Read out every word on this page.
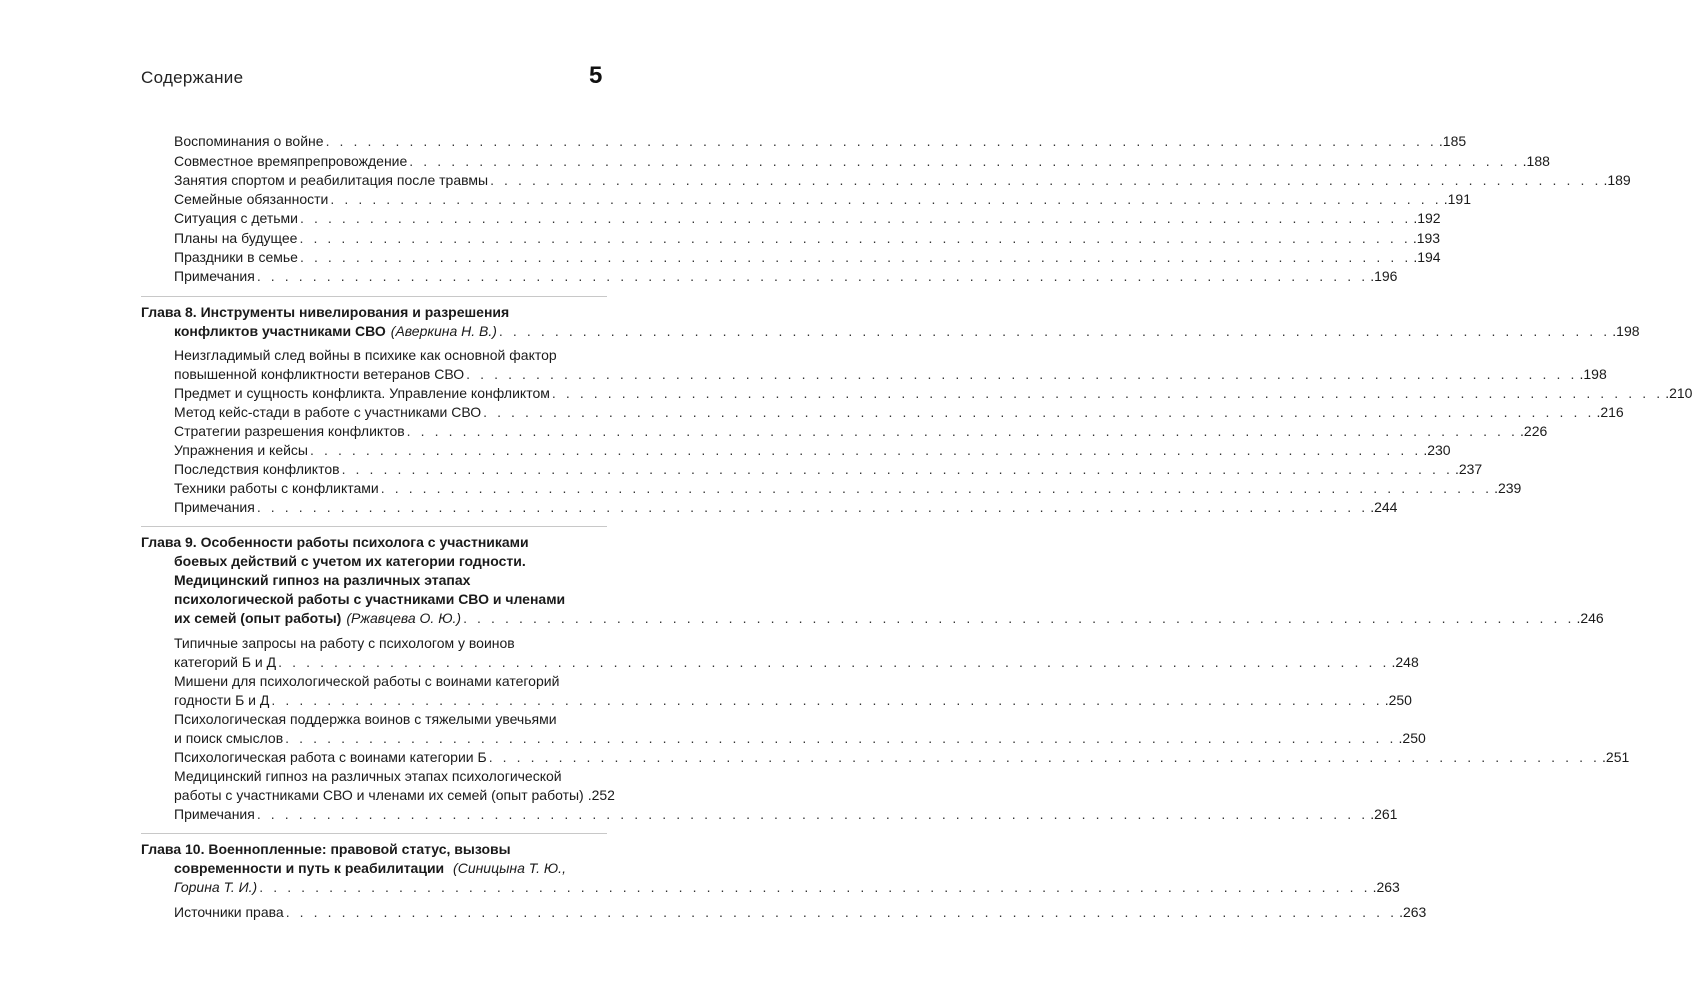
Содержание	5
Воспоминания о войне . . . . . . . . . . . . . . . . . . . . . . . . . . . . . . . . . . . . . . . . . . . . . . . . . . . . . . . . . . . . . . . . . . . . . . . . . . . . . . . . .185
Совместное времяпрепровождение . . . . . . . . . . . . . . . . . . . . . . . . . . . . . . . . . . . . . . . . . . . . . . . . . . . . . . . . . . . . . . . . . . . . . . . . . . . . . . . . .188
Занятия спортом и реабилитация после травмы . . . . . . . . . . . . . . . . . . . . . . . . . . . . . . . . . . . . . . . . . . . . . . . . . . . . . . . . . . . . . . . . . . . . . . . . . . . . . . . . .189
Семейные обязанности . . . . . . . . . . . . . . . . . . . . . . . . . . . . . . . . . . . . . . . . . . . . . . . . . . . . . . . . . . . . . . . . . . . . . . . . . . . . . . . . .191
Ситуация с детьми . . . . . . . . . . . . . . . . . . . . . . . . . . . . . . . . . . . . . . . . . . . . . . . . . . . . . . . . . . . . . . . . . . . . . . . . . . . . . . . . .192
Планы на будущее . . . . . . . . . . . . . . . . . . . . . . . . . . . . . . . . . . . . . . . . . . . . . . . . . . . . . . . . . . . . . . . . . . . . . . . . . . . . . . . . .193
Праздники в семье . . . . . . . . . . . . . . . . . . . . . . . . . . . . . . . . . . . . . . . . . . . . . . . . . . . . . . . . . . . . . . . . . . . . . . . . . . . . . . . . .194
Примечания . . . . . . . . . . . . . . . . . . . . . . . . . . . . . . . . . . . . . . . . . . . . . . . . . . . . . . . . . . . . . . . . . . . . . . . . . . . . . . . . .196
Глава 8. Инструменты нивелирования и разрешения
конфликтов участниками СВО (Аверкина Н. В.) . . . . . . . . . . . . . . . . . . . . . . . . . . . . . . . . . . . . . . . . . . . . . . . . . . . . . . . . . . . . . . . . . . . . . . . . . . . . . . . . .198
Неизгладимый след войны в психике как основной фактор
повышенной конфликтности ветеранов СВО . . . . . . . . . . . . . . . . . . . . . . . . . . . . . . . . . . . . . . . . . . . . . . . . . . . . . . . . . . . . . . . . . . . . . . . . . . . . . . . . .198
Предмет и сущность конфликта. Управление конфликтом . . . . . . . . . . . . . . . . . . . . . . . . . . . . . . . . . . . . . . . . . . . . . . . . . . . . . . . . . . . . . . . . . . . . . . . . . . . . . . . . .210
Метод кейс-стади в работе с участниками СВО . . . . . . . . . . . . . . . . . . . . . . . . . . . . . . . . . . . . . . . . . . . . . . . . . . . . . . . . . . . . . . . . . . . . . . . . . . . . . . . . .216
Стратегии разрешения конфликтов . . . . . . . . . . . . . . . . . . . . . . . . . . . . . . . . . . . . . . . . . . . . . . . . . . . . . . . . . . . . . . . . . . . . . . . . . . . . . . . . .226
Упражнения и кейсы . . . . . . . . . . . . . . . . . . . . . . . . . . . . . . . . . . . . . . . . . . . . . . . . . . . . . . . . . . . . . . . . . . . . . . . . . . . . . . . . .230
Последствия конфликтов . . . . . . . . . . . . . . . . . . . . . . . . . . . . . . . . . . . . . . . . . . . . . . . . . . . . . . . . . . . . . . . . . . . . . . . . . . . . . . . . .237
Техники работы с конфликтами . . . . . . . . . . . . . . . . . . . . . . . . . . . . . . . . . . . . . . . . . . . . . . . . . . . . . . . . . . . . . . . . . . . . . . . . . . . . . . . . .239
Примечания . . . . . . . . . . . . . . . . . . . . . . . . . . . . . . . . . . . . . . . . . . . . . . . . . . . . . . . . . . . . . . . . . . . . . . . . . . . . . . . . .244
Глава 9. Особенности работы психолога с участниками
боевых действий с учетом их категории годности.
Медицинский гипноз на различных этапах
психологической работы с участниками СВО и членами
их семей (опыт работы) (Ржавцева О. Ю.) . . . . . . . . . . . . . . . . . . . . . . . . . . . . . . . . . . . . . . . . . . . . . . . . . . . . . . . . . . . . . . . . . . . . . . . . . . . . . . . . .246
Типичные запросы на работу с психологом у воинов
категорий Б и Д . . . . . . . . . . . . . . . . . . . . . . . . . . . . . . . . . . . . . . . . . . . . . . . . . . . . . . . . . . . . . . . . . . . . . . . . . . . . . . . . .248
Мишени для психологической работы с воинами категорий
годности Б и Д . . . . . . . . . . . . . . . . . . . . . . . . . . . . . . . . . . . . . . . . . . . . . . . . . . . . . . . . . . . . . . . . . . . . . . . . . . . . . . . . .250
Психологическая поддержка воинов с тяжелыми увечьями
и поиск смыслов . . . . . . . . . . . . . . . . . . . . . . . . . . . . . . . . . . . . . . . . . . . . . . . . . . . . . . . . . . . . . . . . . . . . . . . . . . . . . . . . .250
Психологическая работа с воинами категории Б . . . . . . . . . . . . . . . . . . . . . . . . . . . . . . . . . . . . . . . . . . . . . . . . . . . . . . . . . . . . . . . . . . . . . . . . . . . . . . . . .251
Медицинский гипноз на различных этапах психологической
работы с участниками СВО и членами их семей (опыт работы) .252
Примечания . . . . . . . . . . . . . . . . . . . . . . . . . . . . . . . . . . . . . . . . . . . . . . . . . . . . . . . . . . . . . . . . . . . . . . . . . . . . . . . . .261
Глава 10. Военнопленные: правовой статус, вызовы
современности и путь к реабилитации (Синицына Т. Ю.,
Горина Т. И.) . . . . . . . . . . . . . . . . . . . . . . . . . . . . . . . . . . . . . . . . . . . . . . . . . . . . . . . . . . . . . . . . . . . . . . . . . . . . . . . . .263
Источники права . . . . . . . . . . . . . . . . . . . . . . . . . . . . . . . . . . . . . . . . . . . . . . . . . . . . . . . . . . . . . . . . . . . . . . . . . . . . . . . . .263
